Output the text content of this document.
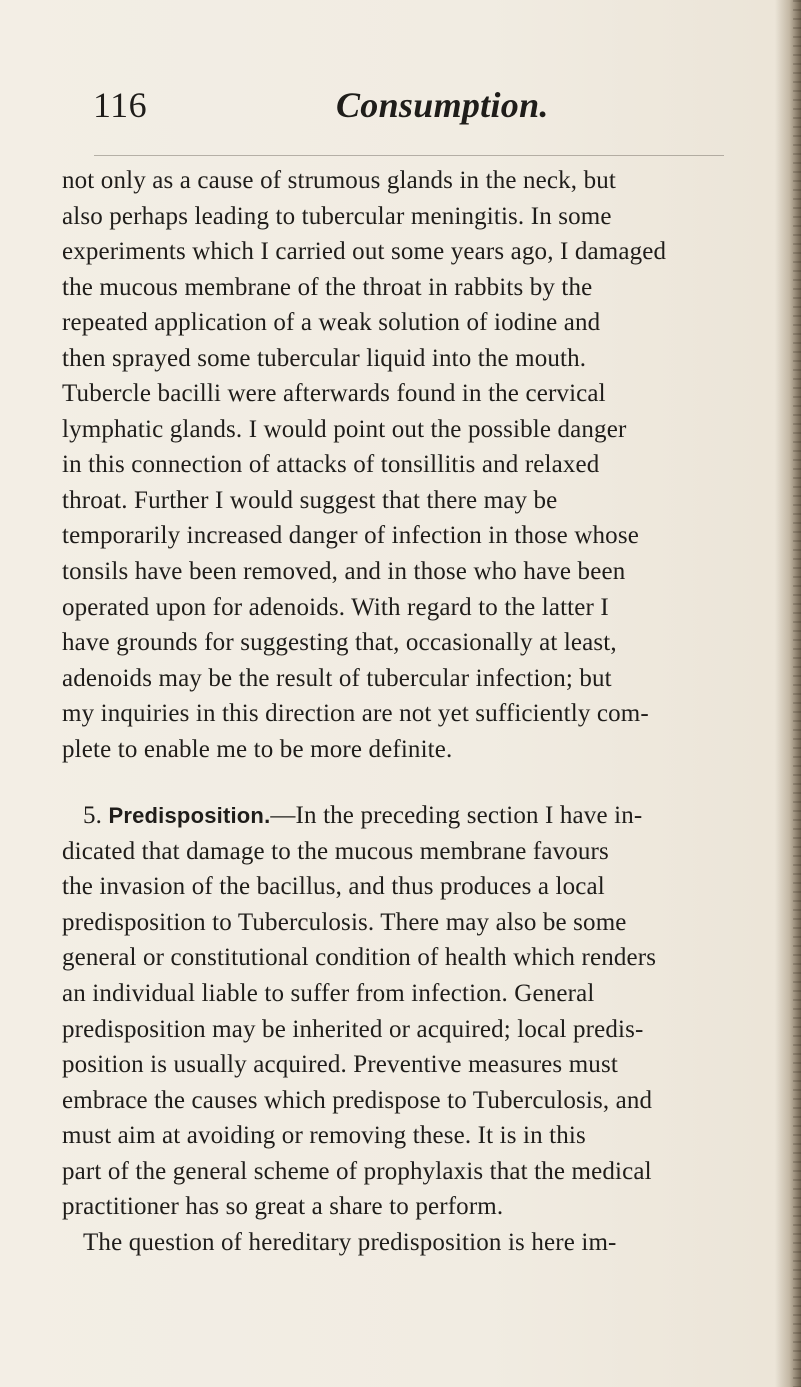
116	Consumption.
not only as a cause of strumous glands in the neck, but
also perhaps leading to tubercular meningitis. In some
experiments which I carried out some years ago, I damaged
the mucous membrane of the throat in rabbits by the
repeated application of a weak solution of iodine and
then sprayed some tubercular liquid into the mouth.
Tubercle bacilli were afterwards found in the cervical
lymphatic glands. I would point out the possible danger
in this connection of attacks of tonsillitis and relaxed
throat. Further I would suggest that there may be
temporarily increased danger of infection in those whose
tonsils have been removed, and in those who have been
operated upon for adenoids. With regard to the latter I
have grounds for suggesting that, occasionally at least,
adenoids may be the result of tubercular infection; but
my inquiries in this direction are not yet sufficiently com-
plete to enable me to be more definite.
5. Predisposition.—In the preceding section I have in-
dicated that damage to the mucous membrane favours
the invasion of the bacillus, and thus produces a local
predisposition to Tuberculosis. There may also be some
general or constitutional condition of health which renders
an individual liable to suffer from infection. General
predisposition may be inherited or acquired; local predis-
position is usually acquired. Preventive measures must
embrace the causes which predispose to Tuberculosis, and
must aim at avoiding or removing these. It is in this
part of the general scheme of prophylaxis that the medical
practitioner has so great a share to perform.
The question of hereditary predisposition is here im-
